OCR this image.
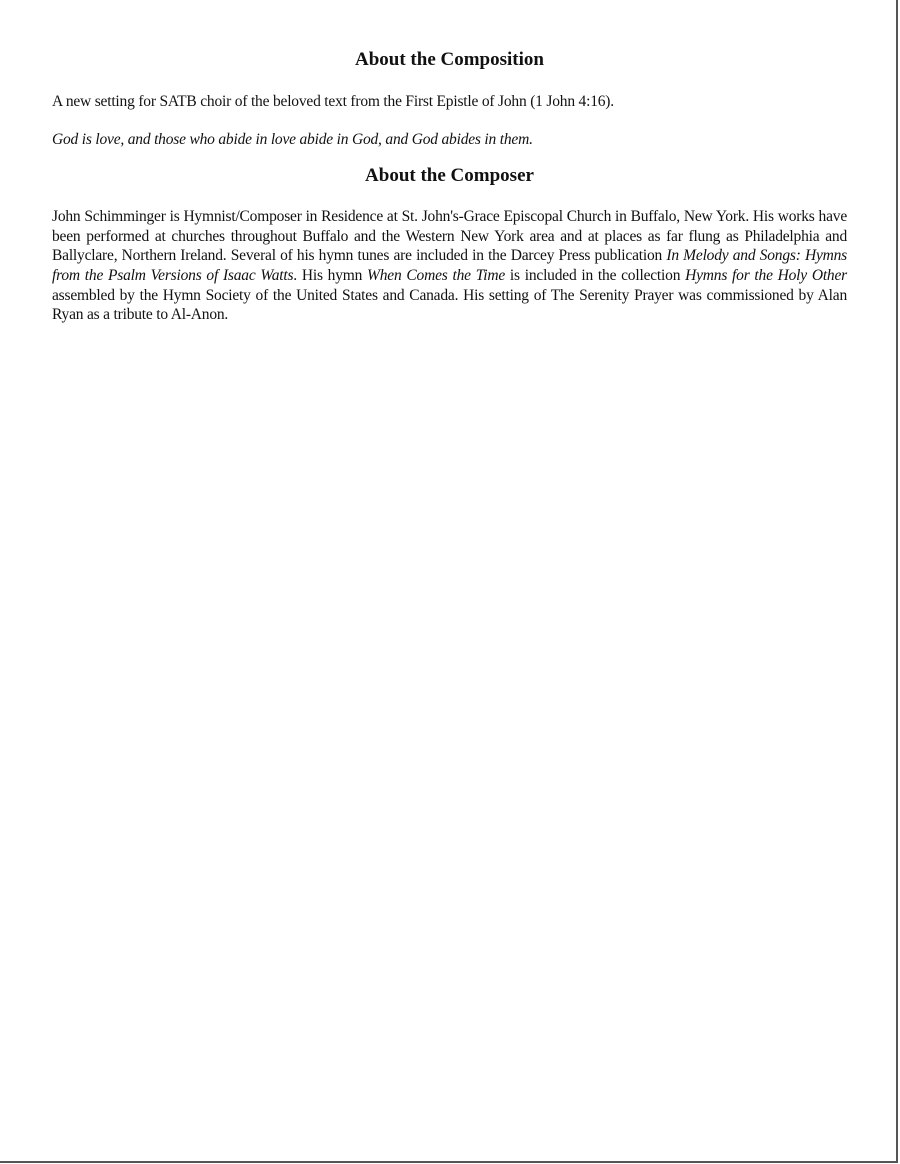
About the Composition

A new setting for SATB choir of the beloved text from the First Epistle of John (1 John 4:16).

God is love, and those who abide in love abide in God, and God abides in them.

About the Composer

John Schimminger is Hymnist/Composer in Residence at St. John's-Grace Episcopal Church in Buffalo, New York. His works have been performed at churches throughout Buffalo and the Western New York area and at places as far flung as Philadelphia and Ballyclare, Northern Ireland. Several of his hymn tunes are included in the Darcey Press publication In Melody and Songs: Hymns from the Psalm Versions of Isaac Watts. His hymn When Comes the Time is included in the collection Hymns for the Holy Other assembled by the Hymn Society of the United States and Canada. His setting of The Serenity Prayer was commissioned by Alan Ryan as a tribute to Al-Anon.
